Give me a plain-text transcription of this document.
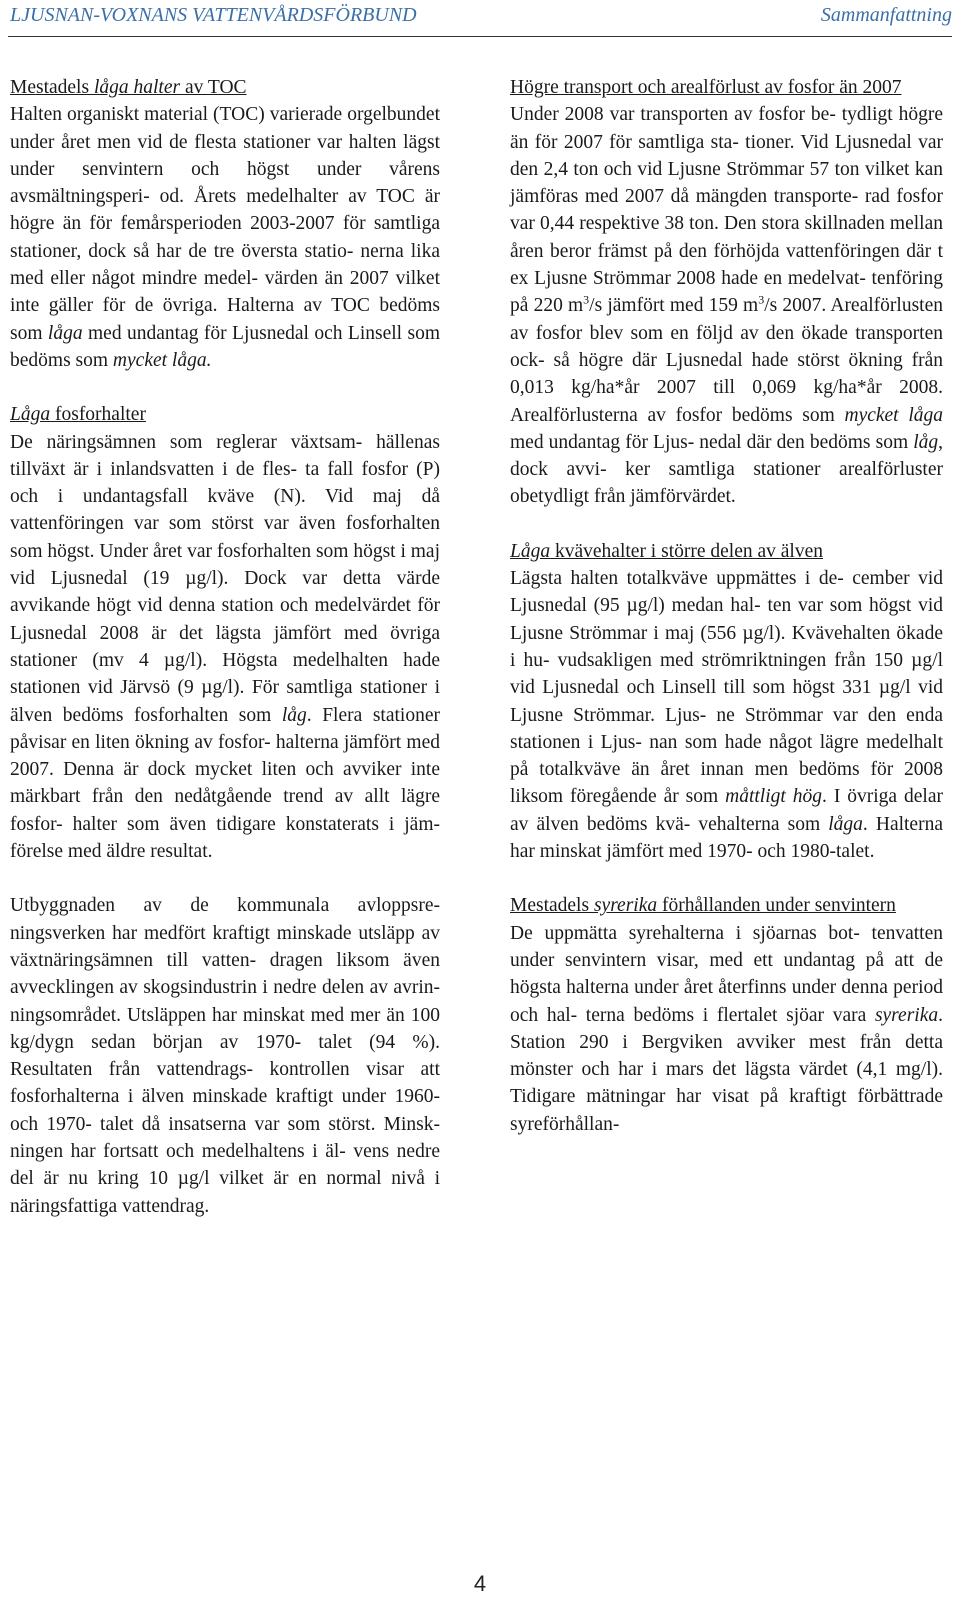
LJUSNAN-VOXNANS VATTENVÅRDSFÖRBUND	Sammanfattning

Mestadels låga halter av TOC

Halten organiskt material (TOC) varierade orgelbundet under året men vid de flesta stationer var halten lägst under senvintern och högst under vårens avsmältningsperi- od. Årets medelhalter av TOC är högre än för femårsperioden 2003-2007 för samtliga stationer, dock så har de tre översta statio- nerna lika med eller något mindre medel- värden än 2007 vilket inte gäller för de övriga. Halterna av TOC bedöms som låga med undantag för Ljusnedal och Linsell som bedöms som mycket låga.

Låga fosforhalter

De näringsämnen som reglerar växtsam- hällenas tillväxt är i inlandsvatten i de fles- ta fall fosfor (P) och i undantagsfall kväve (N). Vid maj då vattenföringen var som störst var även fosforhalten som högst. Under året var fosforhalten som högst i maj vid Ljusnedal (19 µg/l). Dock var detta värde avvikande högt vid denna station och medelvärdet för Ljusnedal 2008 är det lägsta jämfört med övriga stationer (mv 4 µg/l). Högsta medelhalten hade stationen vid Järvsö (9 µg/l). För samtliga stationer i älven bedöms fosforhalten som låg. Flera stationer påvisar en liten ökning av fosfor- halterna jämfört med 2007. Denna är dock mycket liten och avviker inte märkbart från den nedåtgående trend av allt lägre fosfor- halter som även tidigare konstaterats i jäm- förelse med äldre resultat.

Utbyggnaden av de kommunala avloppsre- ningsverken har medfört kraftigt minskade utsläpp av växtnäringsämnen till vatten- dragen liksom även avvecklingen av skogsindustrin i nedre delen av avrin- ningsområdet. Utsläppen har minskat med mer än 100 kg/dygn sedan början av 1970- talet (94 %). Resultaten från vattendrags- kontrollen visar att fosforhalterna i älven minskade kraftigt under 1960- och 1970- talet då insatserna var som störst. Minsk- ningen har fortsatt och medelhaltens i äl- vens nedre del är nu kring 10 µg/l vilket är en normal nivå i näringsfattiga vattendrag.

Högre transport och arealförlust av fosfor än 2007

Under 2008 var transporten av fosfor be- tydligt högre än för 2007 för samtliga sta- tioner. Vid Ljusnedal var den 2,4 ton och vid Ljusne Strömmar 57 ton vilket kan jämföras med 2007 då mängden transporte- rad fosfor var 0,44 respektive 38 ton. Den stora skillnaden mellan åren beror främst på den förhöjda vattenföringen där t ex Ljusne Strömmar 2008 hade en medelvat- tenföring på 220 $m^3/s$ jämfört med 159 $m^3/s$ 2007. Arealförlusten av fosfor blev som en följd av den ökade transporten ock- så högre där Ljusnedal hade störst ökning från 0,013 kg/ha*år 2007 till 0,069 kg/ha*år 2008. Arealförlusterna av fosfor bedöms som mycket låga med undantag för Ljus- nedal där den bedöms som låg, dock avvi- ker samtliga stationer arealförluster obetydligt från jämförvärdet.

Låga kvävehalter i större delen av älven

Lägsta halten totalkväve uppmättes i de- cember vid Ljusnedal (95 µg/l) medan hal- ten var som högst vid Ljusne Strömmar i maj (556 µg/l). Kvävehalten ökade i hu- vudsakligen med strömriktningen från 150 µg/l vid Ljusnedal och Linsell till som högst 331 µg/l vid Ljusne Strömmar. Ljus- ne Strömmar var den enda stationen i Ljus- nan som hade något lägre medelhalt på totalkväve än året innan men bedöms för 2008 liksom föregående år som måttligt hög. I övriga delar av älven bedöms kvä- vehalterna som låga. Halterna har minskat jämfört med 1970- och 1980-talet.

Mestadels syrerika förhållanden under senvintern

De uppmätta syrehalterna i sjöarnas bot- tenvatten under senvintern visar, med ett undantag på att de högsta halterna under året återfinns under denna period och hal- terna bedöms i flertalet sjöar vara syrerika. Station 290 i Bergviken avviker mest från detta mönster och har i mars det lägsta värdet (4,1 mg/l). Tidigare mätningar har visat på kraftigt förbättrade syreförhållan-

4
